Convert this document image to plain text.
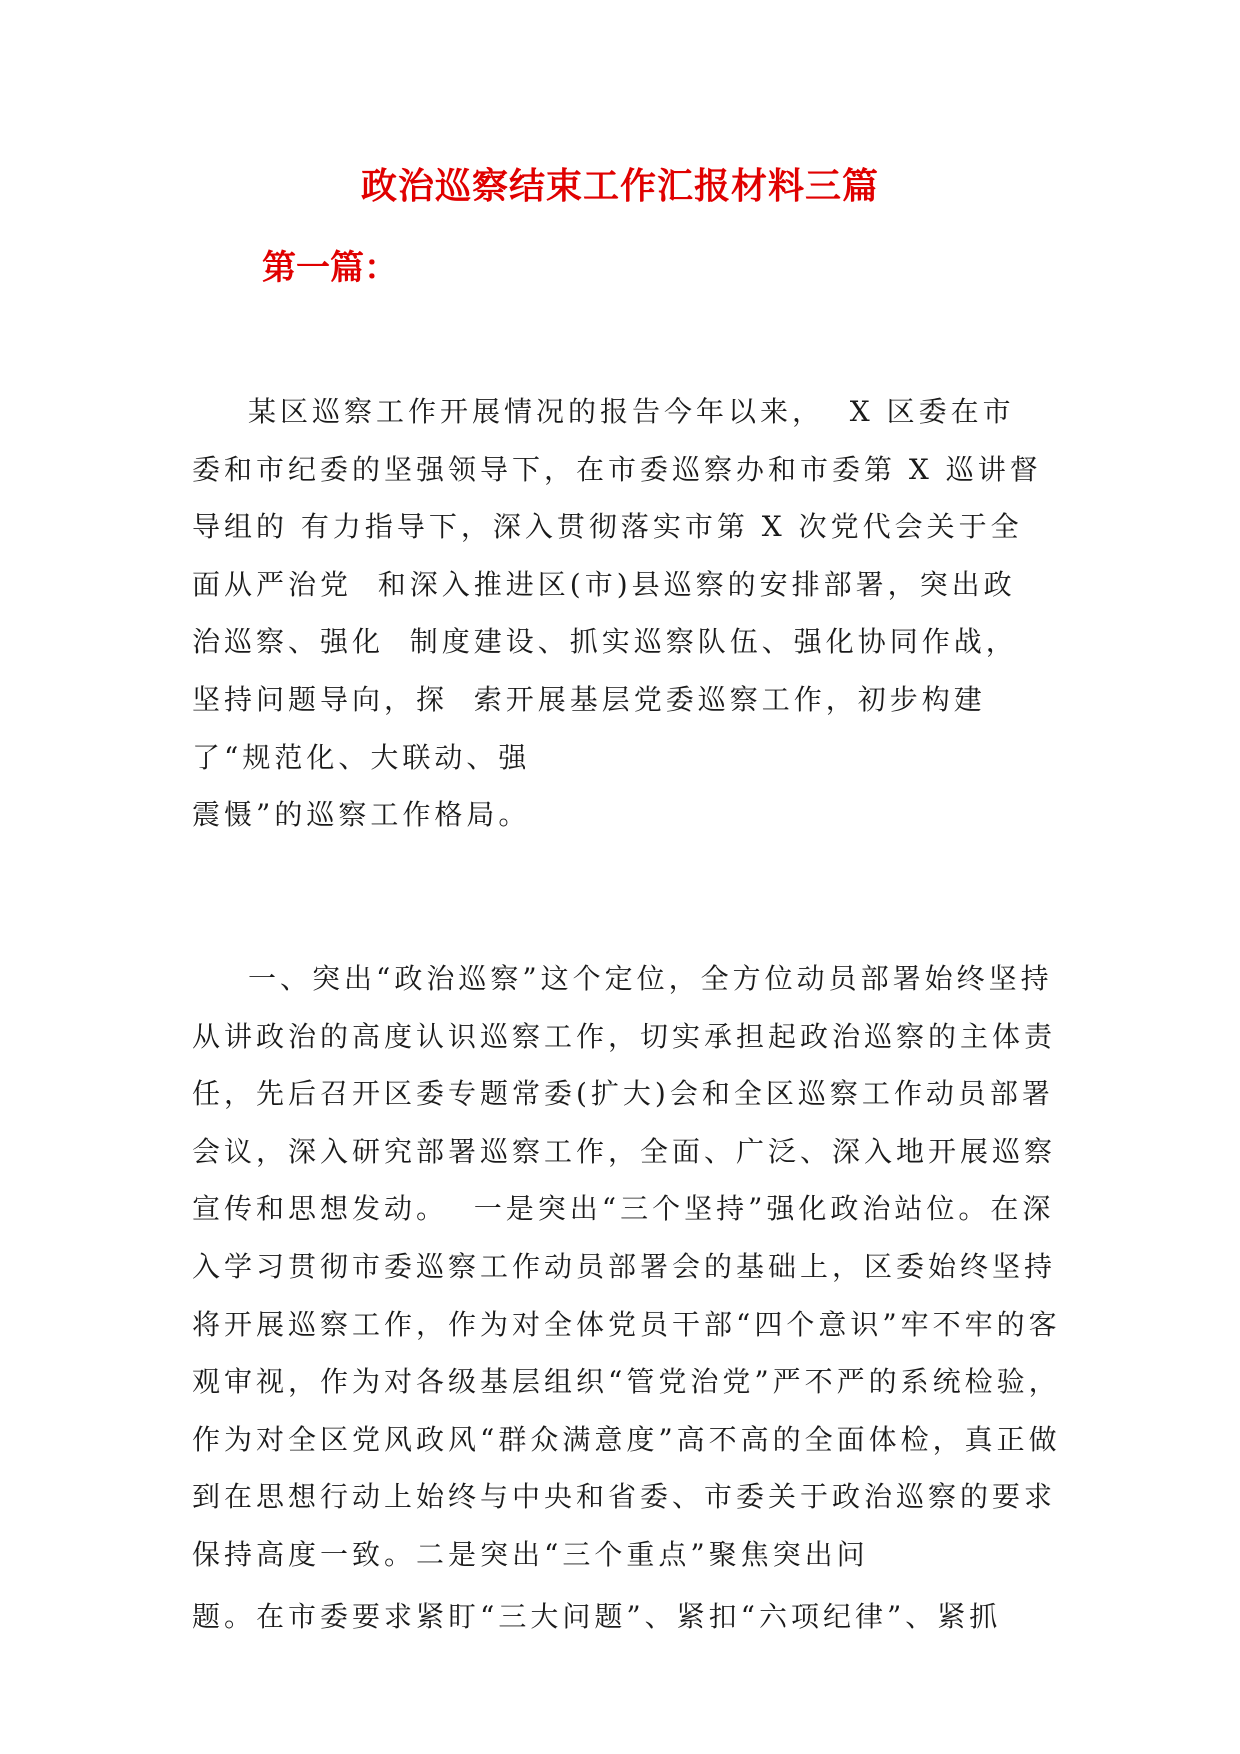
政治巡察结束工作汇报材料三篇
第一篇：

某区巡察工作开展情况的报告今年以来，  X 区委在市委和市纪委的坚强领导下，在市委巡察办和市委第 X 巡讲督导组的 有力指导下，深入贯彻落实市第 X 次党代会关于全面从严治党  和深入推进区(市)县巡察的安排部署，突出政治巡察、强化  制度建设、抓实巡察队伍、强化协同作战，坚持问题导向，探  索开展基层党委巡察工作，初步构建了“规范化、大联动、强
震慑”的巡察工作格局。

一、突出“政治巡察”这个定位，全方位动员部署始终坚持从讲政治的高度认识巡察工作，切实承担起政治巡察的主体责任，先后召开区委专题常委(扩大)会和全区巡察工作动员部署会议，深入研究部署巡察工作，全面、广泛、深入地开展巡察宣传和思想发动。  一是突出“三个坚持”强化政治站位。在深入学习贯彻市委巡察工作动员部署会的基础上，区委始终坚持将开展巡察工作，作为对全体党员干部“四个意识”牢不牢的客观审视，作为对各级基层组织“管党治党”严不严的系统检验，作为对全区党风政风“群众满意度”高不高的全面体检，真正做到在思想行动上始终与中央和省委、市委关于政治巡察的要求保持高度一致。二是突出“三个重点”聚焦突出问
题。在市委要求紧盯“三大问题”、紧扣“六项纪律”、紧抓
